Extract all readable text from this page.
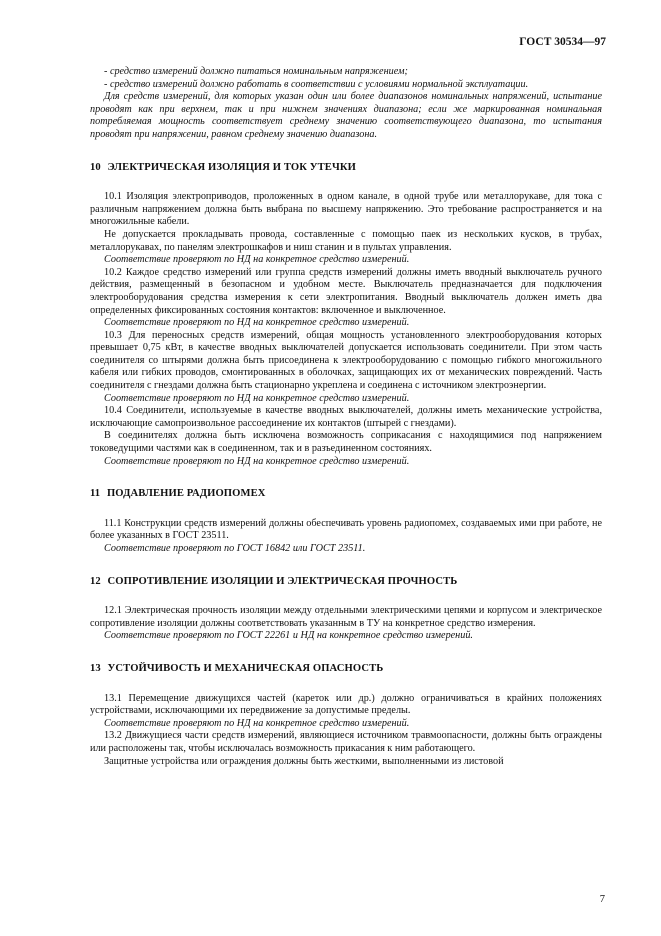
ГОСТ 30534—97

- средство измерений должно питаться номинальным напряжением;

- средство измерений должно работать в соответствии с условиями нормальной эксплуатации.

Для средств измерений, для которых указан один или более диапазонов номинальных напряжений, испытание проводят как при верхнем, так и при нижнем значениях диапазона; если же маркированная номинальная потребляемая мощность соответствует среднему значению соответствующего диапазона, то испытания проводят при напряжении, равном среднему значению диапазона.

10 ЭЛЕКТРИЧЕСКАЯ ИЗОЛЯЦИЯ И ТОК УТЕЧКИ

10.1 Изоляция электроприводов, проложенных в одном канале, в одной трубе или металлорукаве, для тока с различным напряжением должна быть выбрана по высшему напряжению. Это требование распространяется и на многожильные кабели.

Не допускается прокладывать провода, составленные с помощью паек из нескольких кусков, в трубах, металлорукавах, по панелям электрошкафов и ниш станин и в пультах управления.

Соответствие проверяют по НД на конкретное средство измерений.

10.2 Каждое средство измерений или группа средств измерений должны иметь вводный выключатель ручного действия, размещенный в безопасном и удобном месте. Выключатель предназначается для подключения электрооборудования средства измерения к сети электропитания. Вводный выключатель должен иметь два определенных фиксированных состояния контактов: включенное и выключенное.

Соответствие проверяют по НД на конкретное средство измерений.

10.3 Для переносных средств измерений, общая мощность установленного электрооборудования которых превышает 0,75 кВт, в качестве вводных выключателей допускается использовать соединители. При этом часть соединителя со штырями должна быть присоединена к электрооборудованию с помощью гибкого многожильного кабеля или гибких проводов, смонтированных в оболочках, защищающих их от механических повреждений. Часть соединителя с гнездами должна быть стационарно укреплена и соединена с источником электроэнергии.

Соответствие проверяют по НД на конкретное средство измерений.

10.4 Соединители, используемые в качестве вводных выключателей, должны иметь механические устройства, исключающие самопроизвольное рассоединение их контактов (штырей с гнездами).

В соединителях должна быть исключена возможность соприкасания с находящимися под напряжением токоведущими частями как в соединенном, так и в разъединенном состояниях.

Соответствие проверяют по НД на конкретное средство измерений.

11 ПОДАВЛЕНИЕ РАДИОПОМЕХ

11.1 Конструкции средств измерений должны обеспечивать уровень радиопомех, создаваемых ими при работе, не более указанных в ГОСТ 23511.

Соответствие проверяют по ГОСТ 16842 или ГОСТ 23511.

12 СОПРОТИВЛЕНИЕ ИЗОЛЯЦИИ И ЭЛЕКТРИЧЕСКАЯ ПРОЧНОСТЬ

12.1 Электрическая прочность изоляции между отдельными электрическими цепями и корпусом и электрическое сопротивление изоляции должны соответствовать указанным в ТУ на конкретное средство измерения.

Соответствие проверяют по ГОСТ 22261 и НД на конкретное средство измерений.

13 УСТОЙЧИВОСТЬ И МЕХАНИЧЕСКАЯ ОПАСНОСТЬ

13.1 Перемещение движущихся частей (кареток или др.) должно ограничиваться в крайних положениях устройствами, исключающими их передвижение за допустимые пределы.

Соответствие проверяют по НД на конкретное средство измерений.

13.2 Движущиеся части средств измерений, являющиеся источником травмоопасности, должны быть ограждены или расположены так, чтобы исключалась возможность прикасания к ним работающего.

Защитные устройства или ограждения должны быть жесткими, выполненными из листовой

7
